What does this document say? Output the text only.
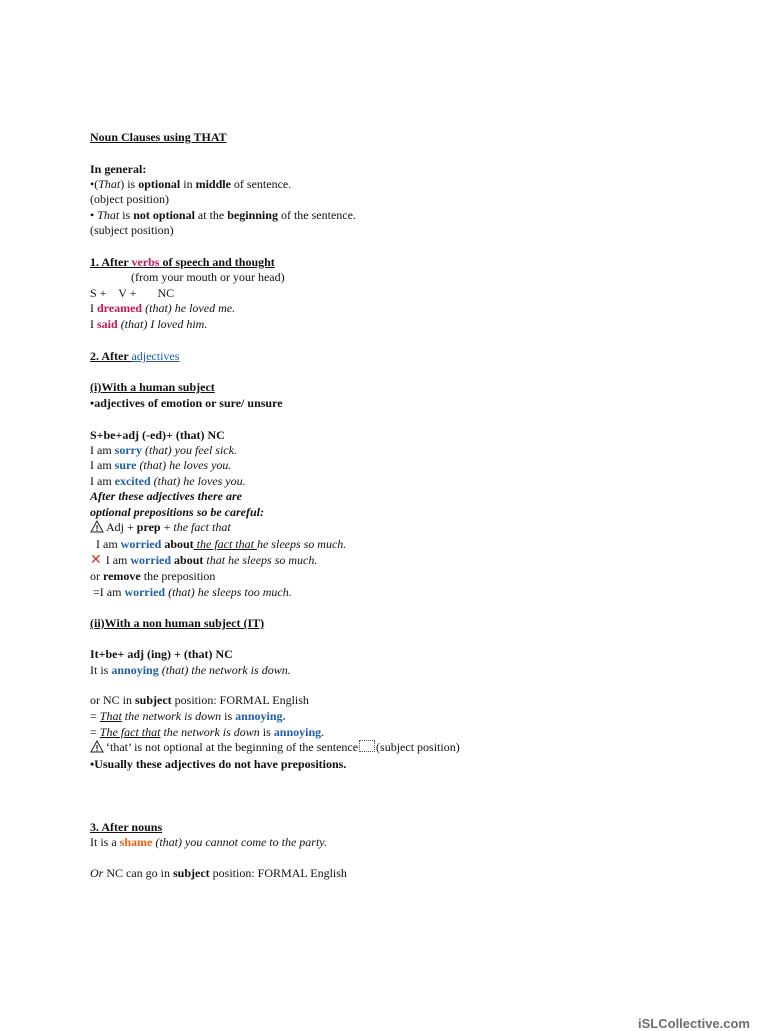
Noun Clauses using THAT
In general:
•(That) is optional in middle of sentence.
(object position)
• That is not optional at the beginning of the sentence.
(subject position)
1. After verbs of speech and thought
(from your mouth or your head)
S +    V +       NC
I dreamed (that) he loved me.
I said (that) I loved him.
2. After adjectives
(i)With a human subject
•adjectives of emotion or sure/ unsure
S+be+adj (-ed)+ (that) NC
I am sorry (that) you feel sick.
I am sure (that) he loves you.
I am excited (that) he loves you.
After these adjectives there are
optional prepositions so be careful:
Adj + prep + the fact that
I am worried about the fact that he sleeps so much.
✕ I am worried about that he sleeps so much.
or remove the preposition
=I am worried (that) he sleeps too much.
(ii)With a non human subject (IT)
It+be+ adj (ing) + (that) NC
It is annoying (that) the network is down.
or NC in subject position: FORMAL English
= That the network is down is annoying.
= The fact that the network is down is annoying.
‘that’ is not optional at the beginning of the sentence (subject position)
•Usually these adjectives do not have prepositions.
3. After nouns
It is a shame (that) you cannot come to the party.
Or NC can go in subject position: FORMAL English
iSLCollective.com
